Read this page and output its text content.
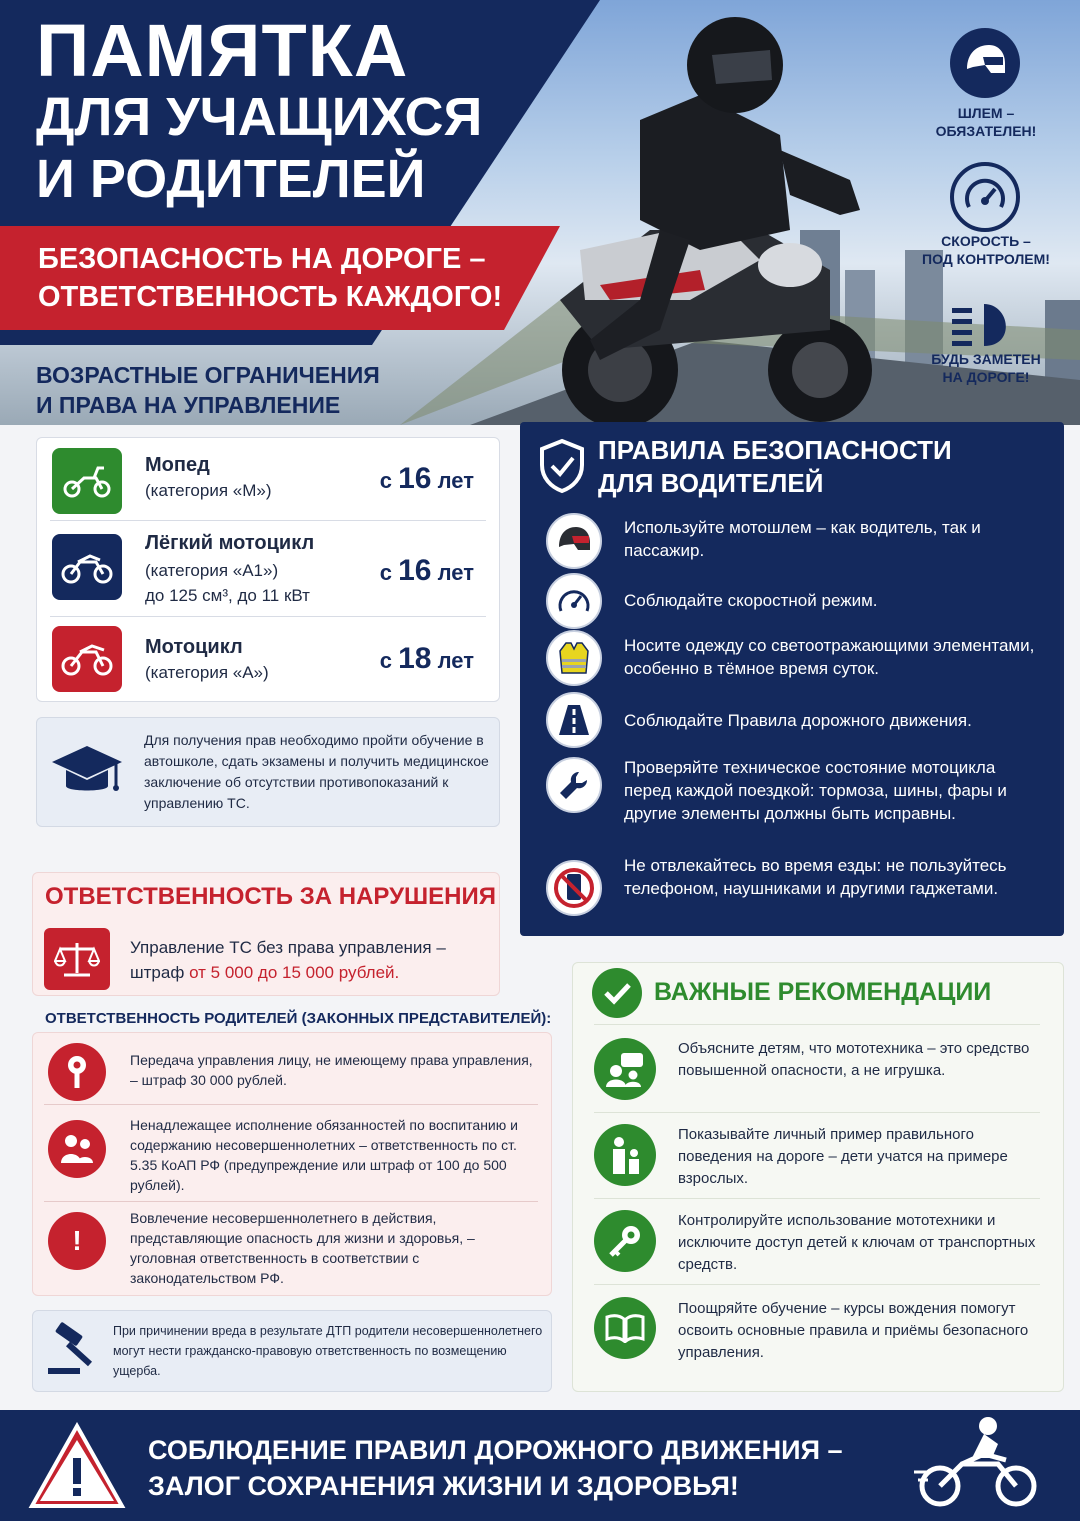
ПАМЯТКА
ДЛЯ УЧАЩИХСЯ
И РОДИТЕЛЕЙ
БЕЗОПАСНОСТЬ НА ДОРОГЕ –
ОТВЕТСТВЕННОСТЬ КАЖДОГО!
ШЛЕМ –
ОБЯЗАТЕЛЕН!
СКОРОСТЬ –
ПОД КОНТРОЛЕМ!
БУДЬ ЗАМЕТЕН
НА ДОРОГЕ!
ВОЗРАСТНЫЕ ОГРАНИЧЕНИЯ
И ПРАВА НА УПРАВЛЕНИЕ
Мопед
(категория «М»)	с 16 лет
Лёгкий мотоцикл
(категория «А1»)
до 125 см³, до 11 кВт
с 16 лет
Мотоцикл
(категория «А»)	с 18 лет
Для получения прав необходимо пройти обучение в автошколе, сдать экзамены и получить медицинское заключение об отсутствии противопоказаний к управлению ТС.
ОТВЕТСТВЕННОСТЬ ЗА НАРУШЕНИЯ
Управление ТС без права управления –
штраф от 5 000 до 15 000 рублей.
ОТВЕТСТВЕННОСТЬ РОДИТЕЛЕЙ (ЗАКОННЫХ ПРЕДСТАВИТЕЛЕЙ):
Передача управления лицу, не имеющему права управления, – штраф 30 000 рублей.
Ненадлежащее исполнение обязанностей по воспитанию и содержанию несовершеннолетних – ответственность по ст. 5.35 КоАП РФ (предупреждение или штраф от 100 до 500 рублей).
!
Вовлечение несовершеннолетнего в действия, представляющие опасность для жизни и здоровья, – уголовная ответственность в соответствии с законодательством РФ.
При причинении вреда в результате ДТП родители несовершеннолетнего могут нести гражданско-правовую ответственность по возмещению ущерба.
ПРАВИЛА БЕЗОПАСНОСТИ
ДЛЯ ВОДИТЕЛЕЙ
Используйте мотошлем – как водитель, так и пассажир.
Соблюдайте скоростной режим.
Носите одежду со светоотражающими элементами, особенно в тёмное время суток.
Соблюдайте Правила дорожного движения.
Проверяйте техническое состояние мотоцикла перед каждой поездкой: тормоза, шины, фары и другие элементы должны быть исправны.
Не отвлекайтесь во время езды: не пользуйтесь телефоном, наушниками и другими гаджетами.
ВАЖНЫЕ РЕКОМЕНДАЦИИ
Объясните детям, что мототехника – это средство повышенной опасности, а не игрушка.
Показывайте личный пример правильного поведения на дороге – дети учатся на примере взрослых.
Контролируйте использование мототехники и исключите доступ детей к ключам от транспортных средств.
Поощряйте обучение – курсы вождения помогут освоить основные правила и приёмы безопасного управления.
СОБЛЮДЕНИЕ ПРАВИЛ ДОРОЖНОГО ДВИЖЕНИЯ –
ЗАЛОГ СОХРАНЕНИЯ ЖИЗНИ И ЗДОРОВЬЯ!
